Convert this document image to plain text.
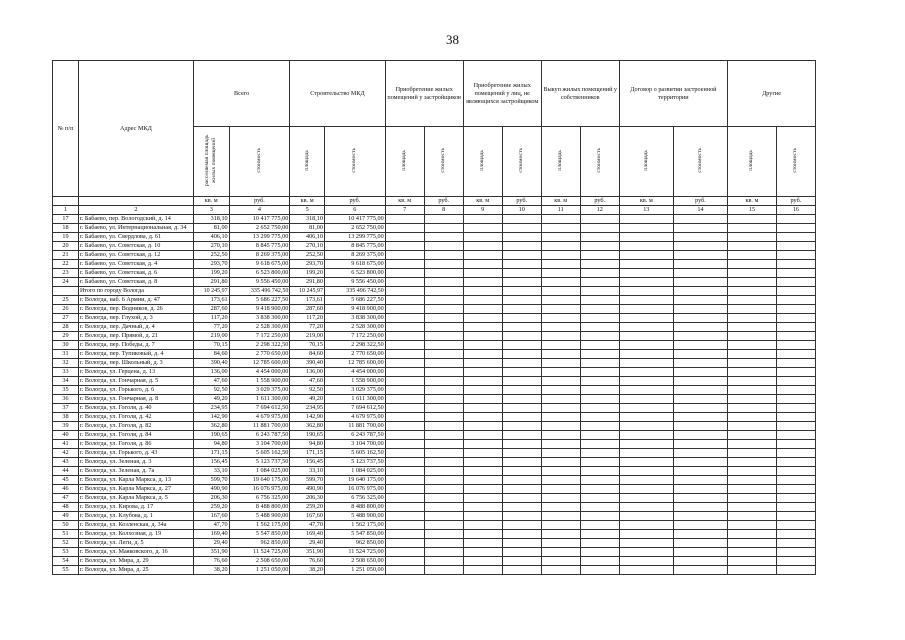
38
№ п/п	Адрес МКД	Всего		Строительство МКД		Приобретение жилых помещений у застройщиков		Приобретение жилых помещений у лиц, не являющихся застройщиком		Выкуп жилых помещений у собственников		Договор о развитии застроенной территории		Другие	
		расселяемая площадь жилых помещений	стоимость	площадь	стоимость	площадь	стоимость	площадь	стоимость	площадь	стоимость	площадь	стоимость	площадь	стоимость
		кв. м	руб.	кв. м	руб.	кв. м	руб.	кв. м	руб.	кв. м	руб.	кв. м	руб.	кв. м	руб.
1	2	3	4	5	6	7	8	9	10	11	12	13	14	15	16
17	г. Бабаево, пер. Вологодский, д. 14	318,10	10 417 775,00	318,10	10 417 775,00										
18	г. Бабаево, ул. Интернациональная, д. 34	81,00	2 652 750,00	81,00	2 652 750,00										
19	г. Бабаево, ул. Свердлова, д. 61	406,10	13 299 775,00	406,10	13 299 775,00										
20	г. Бабаево, ул. Советская, д. 10	270,10	8 845 775,00	270,10	8 845 775,00										
21	г. Бабаево, ул. Советская, д. 12	252,50	8 269 375,00	252,50	8 269 375,00										
22	г. Бабаево, ул. Советская, д. 4	293,70	9 618 675,00	293,70	9 618 675,00										
23	г. Бабаево, ул. Советская, д. 6	199,20	6 523 800,00	199,20	6 523 800,00										
24	г. Бабаево, ул. Советская, д. 8	291,80	9 556 450,00	291,80	9 556 450,00										
	Итого по городу Вологда	10 245,97	335 496 742,50	10 245,97	335 496 742,50										
25	г. Вологда, наб. 6 Армии, д. 47	173,61	5 686 227,50	173,61	5 686 227,50										
26	г. Вологда, пер. Водников, д. 26	287,60	9 418 900,00	287,60	9 418 900,00										
27	г. Вологда, пер. Глухой, д. 3	117,20	3 838 300,00	117,20	3 838 300,00										
28	г. Вологда, пер. Дачный, д. 4	77,20	2 528 300,00	77,20	2 528 300,00										
29	г. Вологда, пер. Прямой, д. 21	219,00	7 172 250,00	219,00	7 172 250,00										
30	г. Вологда, пер. Победы, д. 7	70,15	2 298 322,50	70,15	2 298 322,50										
31	г. Вологда, пер. Тупиковый, д. 4	84,60	2 770 650,00	84,60	2 770 650,00										
32	г. Вологда, пер. Школьный, д. 3	390,40	12 785 600,00	390,40	12 785 600,00										
33	г. Вологда, ул. Герцена, д. 13	136,00	4 454 000,00	136,00	4 454 000,00										
34	г. Вологда, ул. Гончарная, д. 5	47,60	1 558 900,00	47,60	1 558 900,00										
35	г. Вологда, ул. Горького, д. 6	92,50	3 029 375,00	92,50	3 029 375,00										
36	г. Вологда, ул. Гончарная, д. 8	49,20	1 611 300,00	49,20	1 611 300,00										
37	г. Вологда, ул. Гоголя, д. 40	234,95	7 694 612,50	234,95	7 694 612,50										
38	г. Вологда, ул. Гоголя, д. 42	142,90	4 679 975,00	142,90	4 679 975,00										
39	г. Вологда, ул. Гоголя, д. 82	362,80	11 881 700,00	362,80	11 881 700,00										
40	г. Вологда, ул. Гоголя, д. 84	190,65	6 243 787,50	190,65	6 243 787,50										
41	г. Вологда, ул. Гоголя, д. 86	94,80	3 104 700,00	94,80	3 104 700,00										
42	г. Вологда, ул. Горького, д. 43	171,15	5 605 162,50	171,15	5 605 162,50										
43	г. Вологда, ул. Зеленая, д. 3	156,45	5 123 737,50	156,45	5 123 737,50										
44	г. Вологда, ул. Зеленая, д. 7а	33,10	1 084 025,00	33,10	1 084 025,00										
45	г. Вологда, ул. Карла Маркса, д. 13	599,70	19 640 175,00	599,70	19 640 175,00										
46	г. Вологда, ул. Карла Маркса, д. 27	490,90	16 076 975,00	490,90	16 076 975,00										
47	г. Вологда, ул. Карла Маркса, д. 5	206,30	6 756 325,00	206,30	6 756 325,00										
48	г. Вологда, ул. Кирова, д. 17	259,20	8 488 800,00	259,20	8 488 800,00										
49	г. Вологда, ул. Клубова, д. 1	167,60	5 488 900,00	167,60	5 488 900,00										
50	г. Вологда, ул. Козленская, д. 34а	47,70	1 562 175,00	47,70	1 562 175,00										
51	г. Вологда, ул. Колхозная, д. 19	169,40	5 547 850,00	169,40	5 547 850,00										
52	г. Вологда, ул. Леги, д. 5	29,40	962 850,00	29,40	962 850,00										
53	г. Вологда, ул. Маяковского, д. 16	351,90	11 524 725,00	351,90	11 524 725,00										
54	г. Вологда, ул. Мира, д. 29	76,60	2 508 650,00	76,60	2 508 650,00										
55	г. Вологда, ул. Мира, д. 25	38,20	1 251 050,00	38,20	1 251 050,00										
